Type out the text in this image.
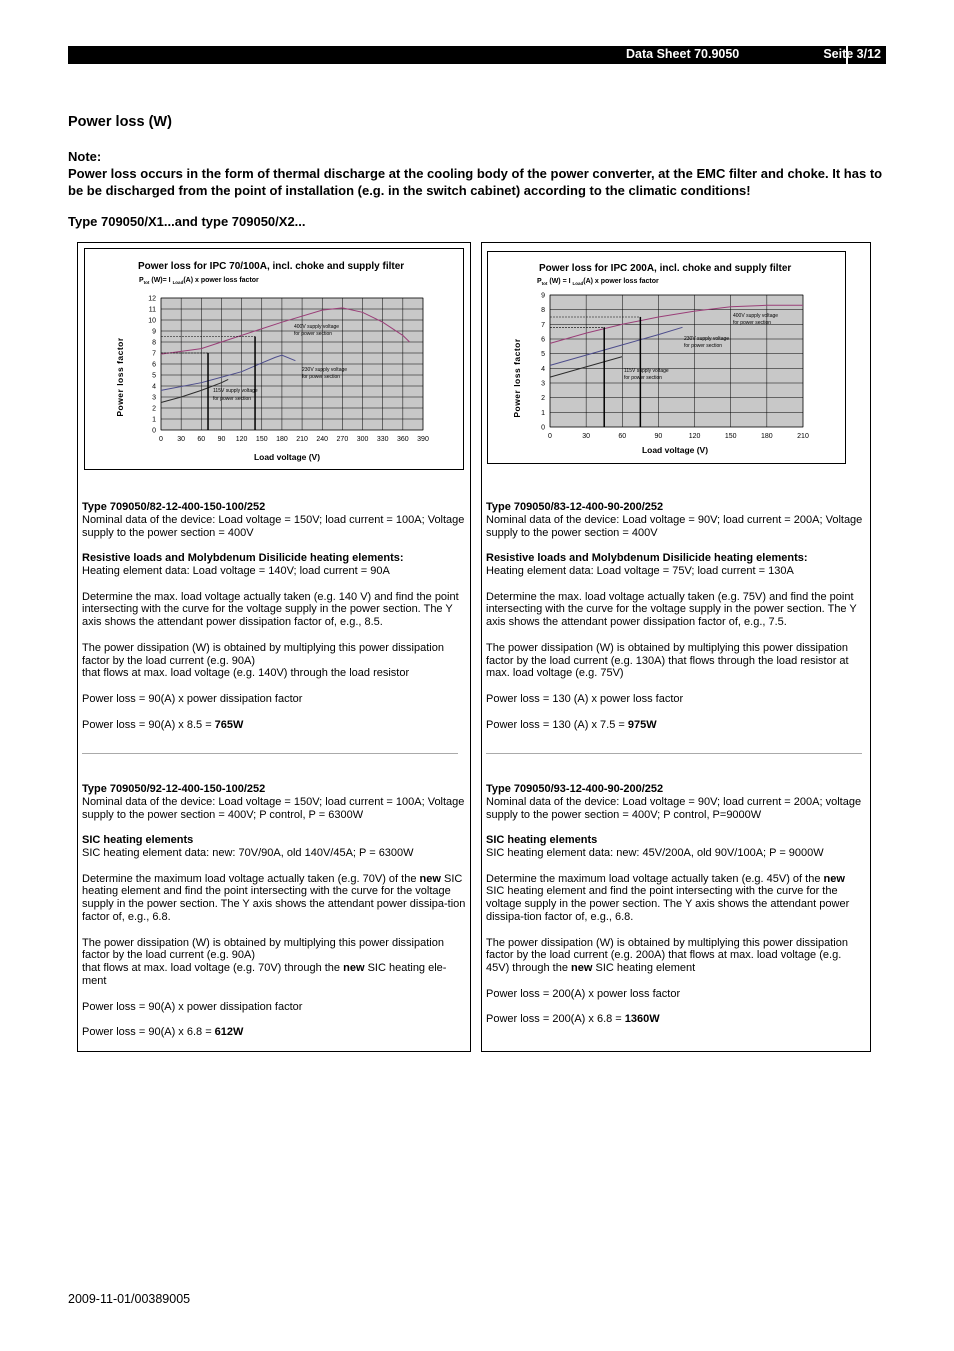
Data Sheet 70.9050	Seite 3/12
Power loss (W)
Note:
Power loss occurs in the form of thermal discharge at the cooling body of the power converter, at the EMC filter and choke. It has to be be discharged from the point of installation (e.g. in the switch cabinet) according to the climatic conditions!
Type 709050/X1...and type 709050/X2...
0 30 60 90 120 150 180 210 240 270 300 330 360 390
0
1
2
3
4
5
6
7
8
9
10
11
12
Power loss for IPC 70/100A, incl. choke and supply filter
$P_{tot}$ (W)= I $_{Load}$(A) x power loss factor
Power loss factor
Load voltage (V)
400V supply voltage
for power section
230V supply voltage
for power section
115V supply voltage
for power section
Type 709050/82-12-400-150-100/252

Nominal data of the device: Load voltage = 150V; load current = 100A; Voltage supply to the power section = 400V

Resistive loads and Molybdenum Disilicide heating elements:

Heating element data: Load voltage = 140V; load current = 90A

Determine the max. load voltage actually taken (e.g. 140 V) and find the point intersecting with the curve for the voltage supply in the power section. The Y axis shows the attendant power dissipation factor of, e.g., 8.5.

The power dissipation (W) is obtained by multiplying this power dissipation factor by the load current (e.g. 90A)

that flows at max. load voltage (e.g. 140V) through the load resistor

Power loss = 90(A) x power dissipation factor

Power loss = 90(A) x 8.5 = 765W

Type 709050/92-12-400-150-100/252

Nominal data of the device: Load voltage = 150V; load current = 100A; Voltage supply to the power section = 400V; P control, P = 6300W

SIC heating elements

SIC heating element data: new: 70V/90A, old 140V/45A; P = 6300W

Determine the maximum load voltage actually taken (e.g. 70V) of the new SIC heating element and find the point intersecting with the curve for the voltage supply in the power section. The Y axis shows the attendant power dissipa-tion factor of, e.g., 6.8.

The power dissipation (W) is obtained by multiplying this power dissipation factor by the load current (e.g. 90A)

that flows at max. load voltage (e.g. 70V) through the new SIC heating ele-ment

Power loss = 90(A) x power dissipation factor

Power loss = 90(A) x 6.8 = 612W

0	30	60	90	120	150	180	210
0
1
2
3
4
5
6
7
8
9
Power loss for IPC 200A, incl. choke and supply filter
$P_{tot}$ (W) = I $_{Load}$(A) x power loss factor
Power loss factor
Load voltage (V)
400V supply voltage
for power section
230V supply voltage
for power section
115V supply voltage
for power section
Type 709050/83-12-400-90-200/252

Nominal data of the device: Load voltage = 90V; load current = 200A; Voltage supply to the power section = 400V

Resistive loads and Molybdenum Disilicide heating elements:

Heating element data: Load voltage = 75V; load current = 130A

Determine the max. load voltage actually taken (e.g. 75V) and find the point intersecting with the curve for the voltage supply in the power section. The Y axis shows the attendant power dissipation factor of, e.g., 7.5.

The power dissipation (W) is obtained by multiplying this power dissipation factor by the load current (e.g. 130A) that flows through the load resistor at max. load voltage (e.g. 75V)

Power loss = 130 (A) x power loss factor

Power loss = 130 (A) x 7.5 = 975W

Type 709050/93-12-400-90-200/252

Nominal data of the device: Load voltage = 90V; load current = 200A; voltage supply to the power section = 400V; P control, P=9000W

SIC heating elements

SIC heating element data: new: 45V/200A, old 90V/100A; P = 9000W

Determine the maximum load voltage actually taken (e.g. 45V) of the new SIC heating element and find the point intersecting with the curve for the voltage supply in the power section. The Y axis shows the attendant power dissipa-tion factor of, e.g., 6.8.

The power dissipation (W) is obtained by multiplying this power dissipation factor by the load current (e.g. 200A) that flows at max. load voltage (e.g. 45V) through the new SIC heating element

Power loss = 200(A) x power loss factor

Power loss = 200(A) x 6.8 = 1360W

2009-11-01/00389005
